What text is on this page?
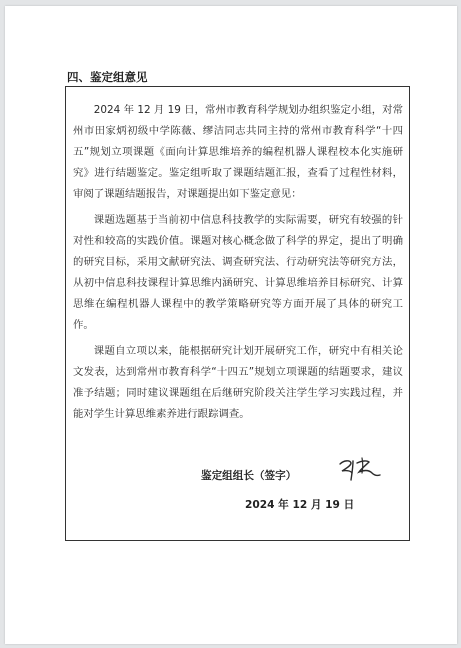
四、鉴定组意见

2024 年 12 月 19 日，常州市教育科学规划办组织鉴定小组，对常州市田家炳初级中学陈薇、缪洁同志共同主持的常州市教育科学“十四五”规划立项课题《面向计算思维培养的编程机器人课程校本化实施研究》进行结题鉴定。鉴定组听取了课题结题汇报，查看了过程性材料，审阅了课题结题报告，对课题提出如下鉴定意见：

课题选题基于当前初中信息科技教学的实际需要，研究有较强的针对性和较高的实践价值。课题对核心概念做了科学的界定，提出了明确的研究目标，采用文献研究法、调查研究法、行动研究法等研究方法，从初中信息科技课程计算思维内涵研究、计算思维培养目标研究、计算思维在编程机器人课程中的教学策略研究等方面开展了具体的研究工作。

课题自立项以来，能根据研究计划开展研究工作，研究中有相关论文发表，达到常州市教育科学“十四五”规划立项课题的结题要求，建议准予结题；同时建议课题组在后继研究阶段关注学生学习实践过程，并能对学生计算思维素养进行跟踪调查。

鉴定组组长（签字）
2024 年 12 月 19 日
